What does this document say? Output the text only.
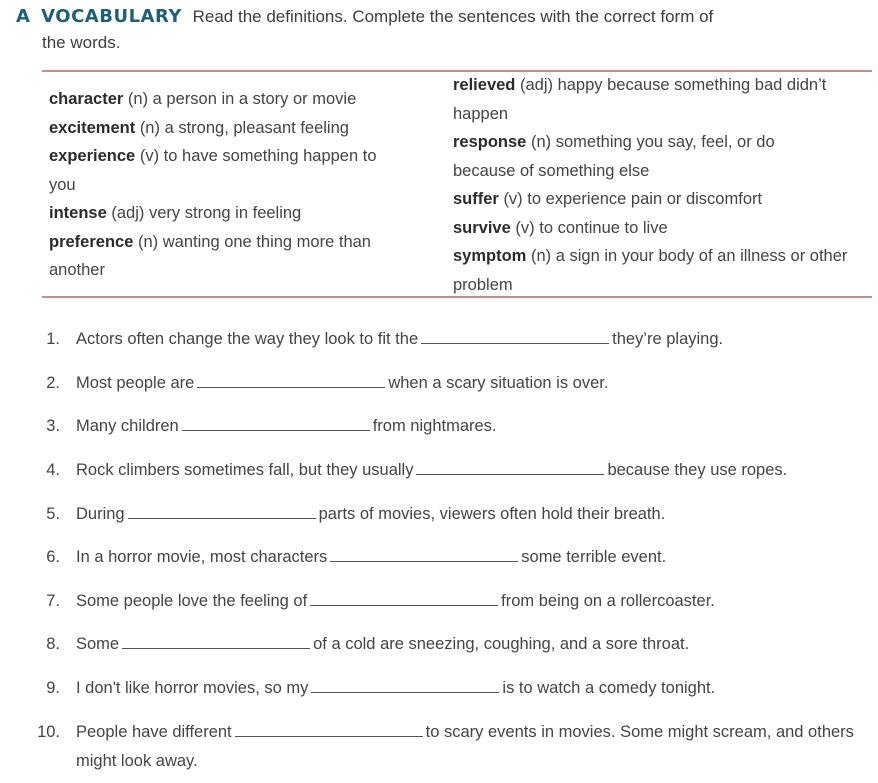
A VOCABULARY Read the definitions. Complete the sentences with the correct form of
the words.
character (n) a person in a story or movie
excitement (n) a strong, pleasant feeling
experience (v) to have something happen to you
intense (adj) very strong in feeling
preference (n) wanting one thing more than another
relieved (adj) happy because something bad didn’t happen
response (n) something you say, feel, or do because of something else
suffer (v) to experience pain or discomfort
survive (v) to continue to live
symptom (n) a sign in your body of an illness or other problem
1. Actors often change the way they look to fit the	they’re playing.
2. Most people are	when a scary situation is over.
3. Many children	from nightmares.
4. Rock climbers sometimes fall, but they usually	because they use ropes.
5. During	parts of movies, viewers often hold their breath.
6. In a horror movie, most characters	some terrible event.
7. Some people love the feeling of	from being on a rollercoaster.
8. Some	of a cold are sneezing, coughing, and a sore throat.
9. I don't like horror movies, so my	is to watch a comedy tonight.
10. People have different	to scary events in movies. Some might scream, and others might look away.
